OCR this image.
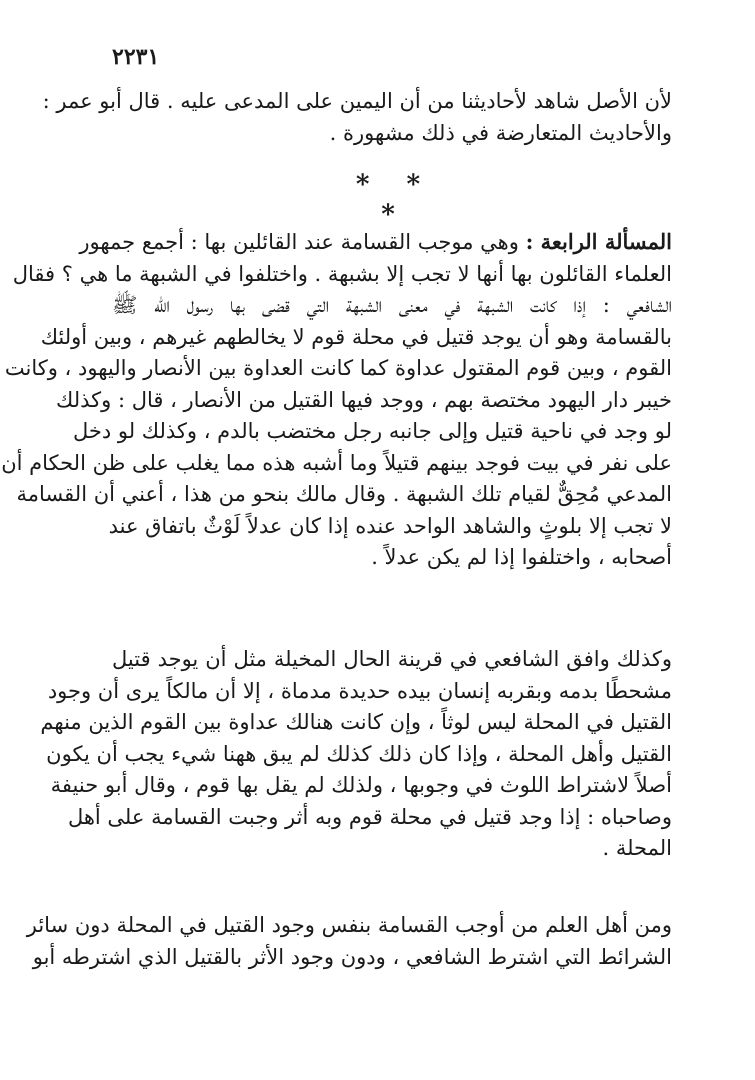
٢٢٣١
لأن الأصل شاهد لأحاديثنا من أن اليمين على المدعى عليه . قال أبو عمر :
والأحاديث المتعارضة في ذلك مشهورة .
* * *
المسألة الرابعة : وهي موجب القسامة عند القائلين بها : أجمع جمهور
العلماء القائلون بها أنها لا تجب إلا بشبهة . واختلفوا في الشبهة ما هي ؟ فقال
الشافعي : إذا كانت الشبهة في معنى الشبهة التي قضى بها رسول الله ﷺ
بالقسامة وهو أن يوجد قتيل في محلة قوم لا يخالطهم غيرهم ، وبين أولئك
القوم ، وبين قوم المقتول عداوة كما كانت العداوة بين الأنصار واليهود ، وكانت
خيبر دار اليهود مختصة بهم ، ووجد فيها القتيل من الأنصار ، قال : وكذلك
لو وجد في ناحية قتيل وإلى جانبه رجل مختضب بالدم ، وكذلك لو دخل
على نفر في بيت فوجد بينهم قتيلاً وما أشبه هذه مما يغلب على ظن الحكام أن
المدعي مُحِقٌّ لقيام تلك الشبهة . وقال مالك بنحو من هذا ، أعني أن القسامة
لا تجب إلا بلوثٍ والشاهد الواحد عنده إذا كان عدلاً لَوْثٌ باتفاق عند
أصحابه ، واختلفوا إذا لم يكن عدلاً .
وكذلك وافق الشافعي في قرينة الحال المخيلة مثل أن يوجد قتيل
مشحطًا بدمه وبقربه إنسان بيده حديدة مدماة ، إلا أن مالكاً يرى أن وجود
القتيل في المحلة ليس لوثاً ، وإن كانت هنالك عداوة بين القوم الذين منهم
القتيل وأهل المحلة ، وإذا كان ذلك كذلك لم يبق ههنا شيء يجب أن يكون
أصلاً لاشتراط اللوث في وجوبها ، ولذلك لم يقل بها قوم ، وقال أبو حنيفة
وصاحباه : إذا وجد قتيل في محلة قوم وبه أثر وجبت القسامة على أهل
المحلة .
ومن أهل العلم من أوجب القسامة بنفس وجود القتيل في المحلة دون سائر
الشرائط التي اشترط الشافعي ، ودون وجود الأثر بالقتيل الذي اشترطه أبو
